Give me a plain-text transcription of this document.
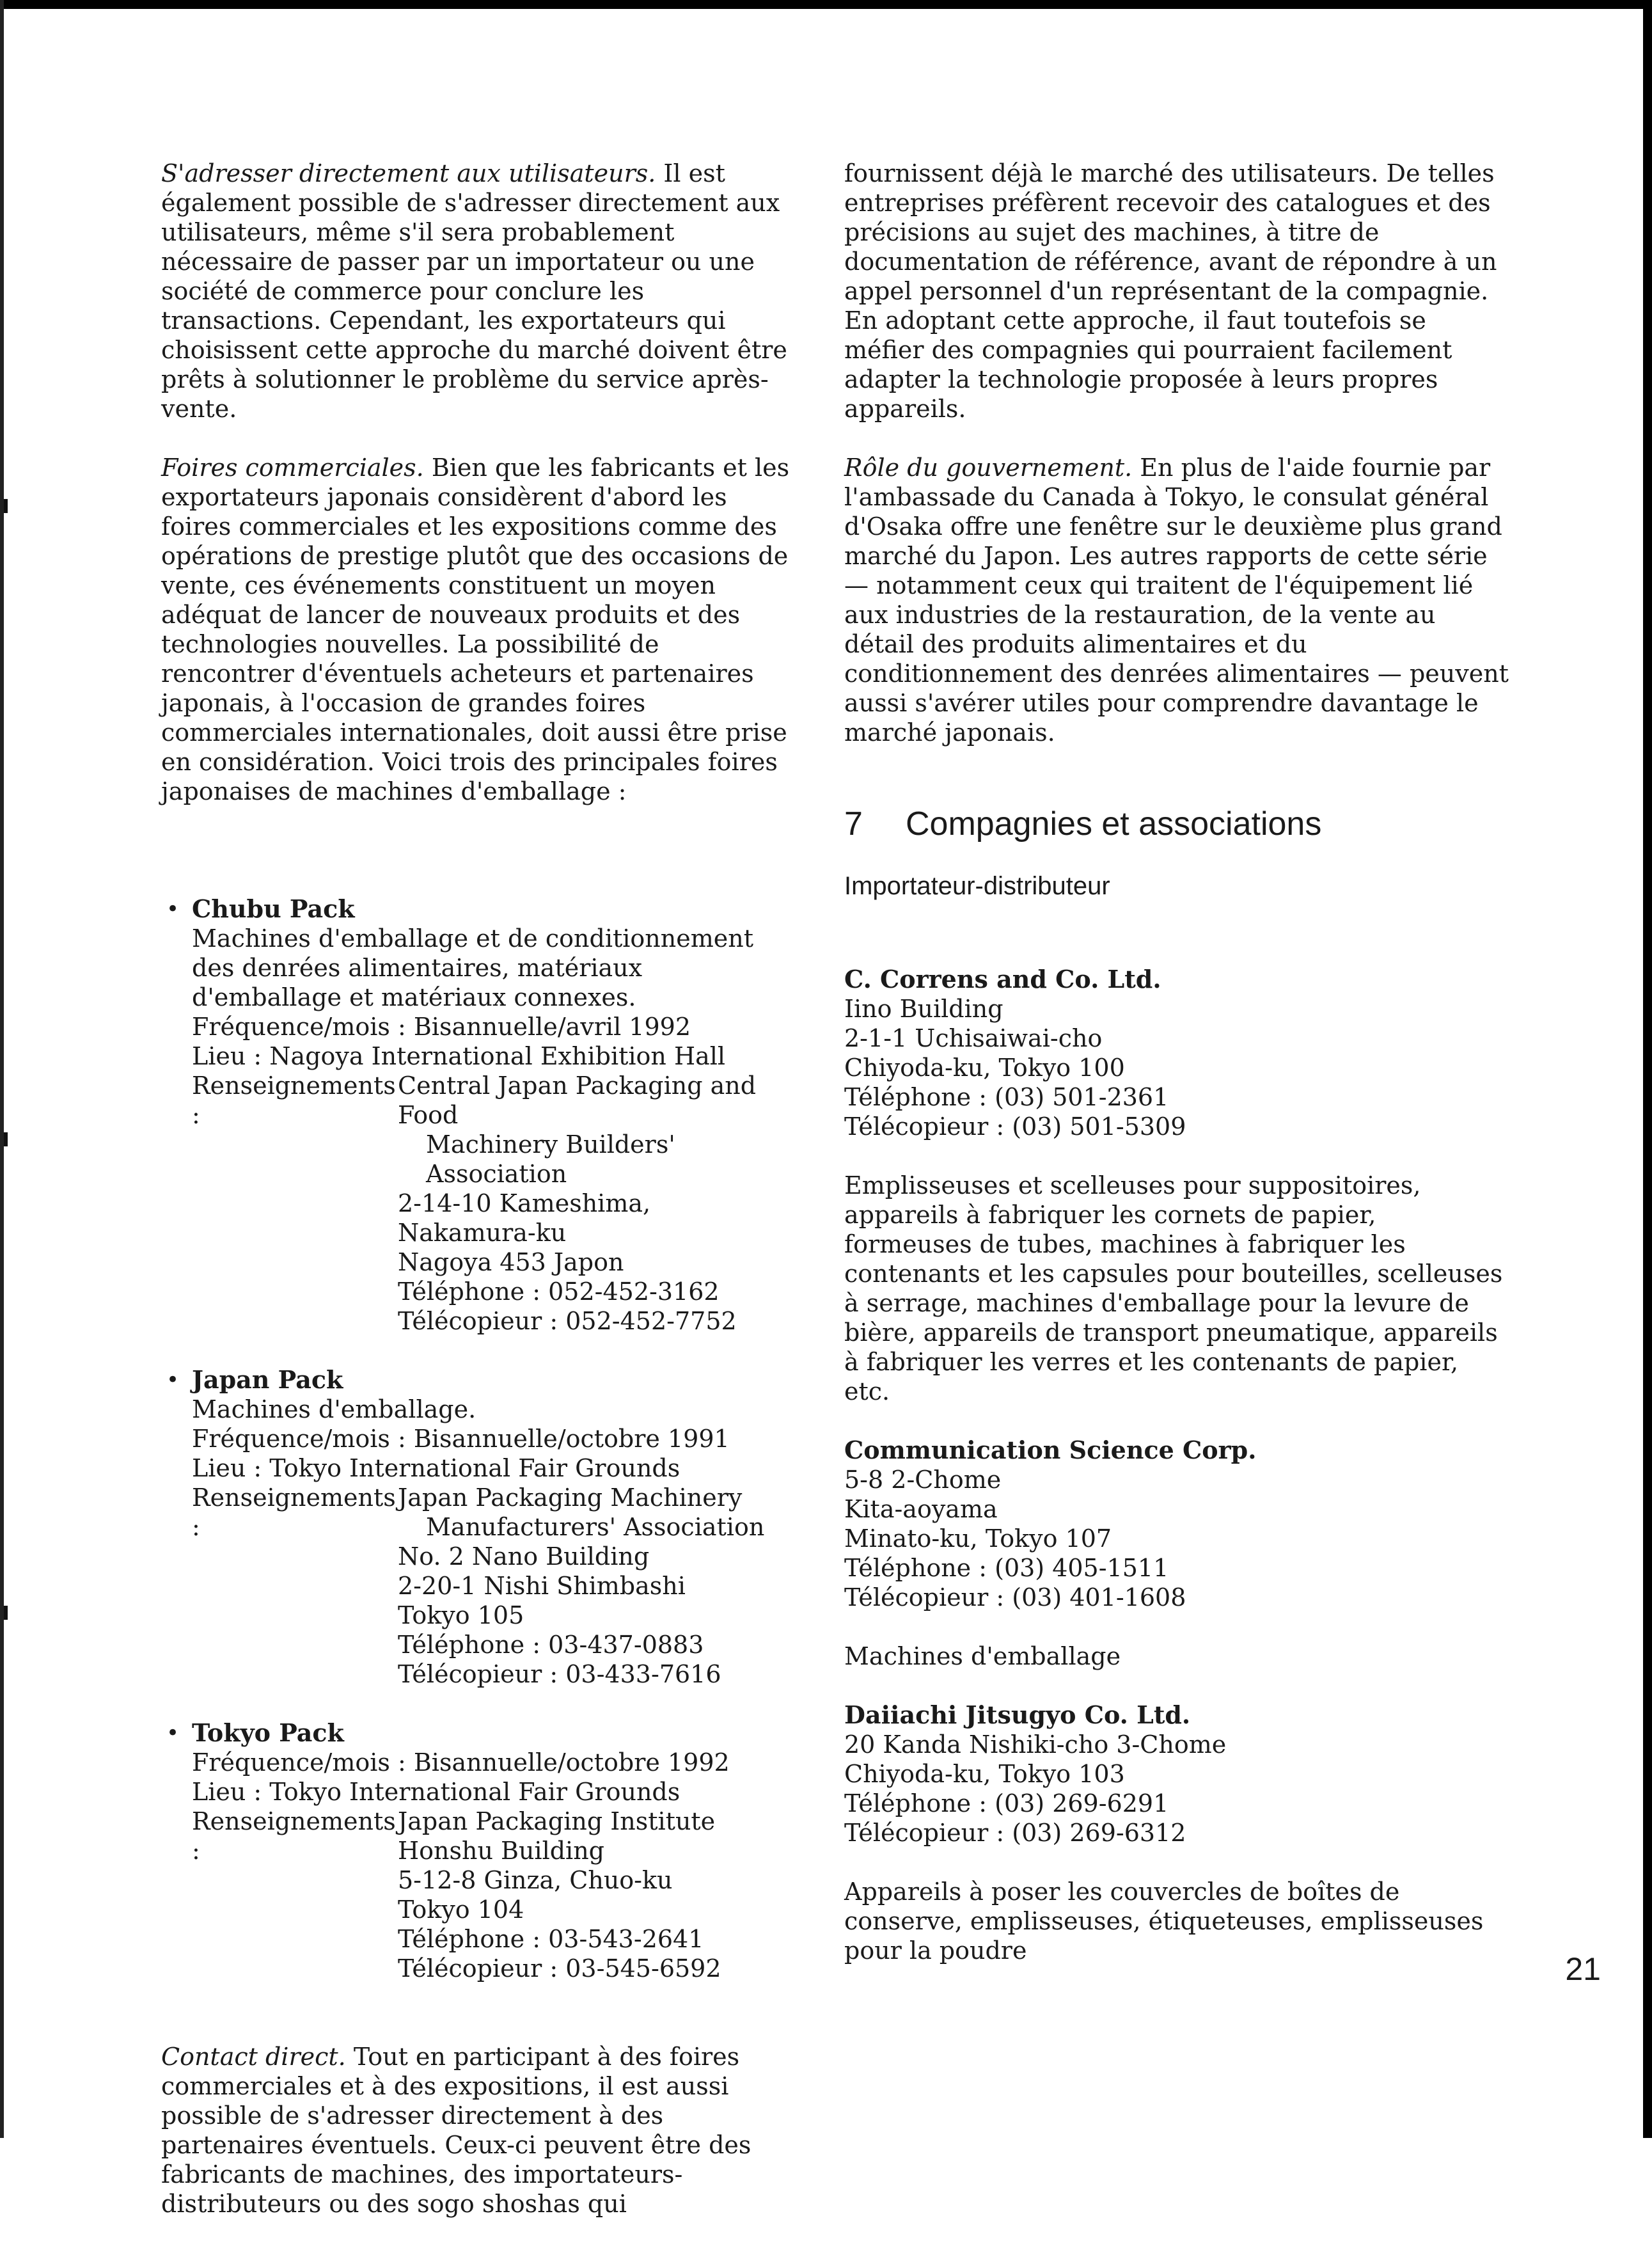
S'adresser directement aux utilisateurs. Il est également possible de s'adresser directement aux utilisateurs, même s'il sera probablement nécessaire de passer par un importateur ou une société de commerce pour conclure les transactions. Cependant, les exportateurs qui choisissent cette approche du marché doivent être prêts à solutionner le problème du service après-vente.

Foires commerciales. Bien que les fabricants et les exportateurs japonais considèrent d'abord les foires commerciales et les expositions comme des opérations de prestige plutôt que des occasions de vente, ces événements constituent un moyen adéquat de lancer de nouveaux produits et des technologies nouvelles. La possibilité de rencontrer d'éventuels acheteurs et partenaires japonais, à l'occasion de grandes foires commerciales internationales, doit aussi être prise en considération. Voici trois des principales foires japonaises de machines d'emballage :

• Chubu Pack
Machines d'emballage et de conditionnement des denrées alimentaires, matériaux d'emballage et matériaux connexes.
Fréquence/mois : Bisannuelle/avril 1992
Lieu : Nagoya International Exhibition Hall
Renseignements :
Central Japan Packaging and Food
Machinery Builders' Association
2-14-10 Kameshima, Nakamura-ku
Nagoya 453 Japon
Téléphone : 052-452-3162
Télécopieur : 052-452-7752
• Japan Pack
Machines d'emballage.
Fréquence/mois : Bisannuelle/octobre 1991
Lieu : Tokyo International Fair Grounds
Renseignements :
Japan Packaging Machinery
Manufacturers' Association
No. 2 Nano Building
2-20-1 Nishi Shimbashi
Tokyo 105
Téléphone : 03-437-0883
Télécopieur : 03-433-7616
• Tokyo Pack
Fréquence/mois : Bisannuelle/octobre 1992
Lieu : Tokyo International Fair Grounds
Renseignements :
Japan Packaging Institute
Honshu Building
5-12-8 Ginza, Chuo-ku
Tokyo 104
Téléphone : 03-543-2641
Télécopieur : 03-545-6592

Contact direct. Tout en participant à des foires commerciales et à des expositions, il est aussi possible de s'adresser directement à des partenaires éventuels. Ceux-ci peuvent être des fabricants de machines, des importateurs-distributeurs ou des sogo shoshas qui

fournissent déjà le marché des utilisateurs. De telles entreprises préfèrent recevoir des catalogues et des précisions au sujet des machines, à titre de documentation de référence, avant de répondre à un appel personnel d'un représentant de la compagnie. En adoptant cette approche, il faut toutefois se méfier des compagnies qui pourraient facilement adapter la technologie proposée à leurs propres appareils.

Rôle du gouvernement. En plus de l'aide fournie par l'ambassade du Canada à Tokyo, le consulat général d'Osaka offre une fenêtre sur le deuxième plus grand marché du Japon. Les autres rapports de cette série — notamment ceux qui traitent de l'équipement lié aux industries de la restauration, de la vente au détail des produits alimentaires et du conditionnement des denrées alimentaires — peuvent aussi s'avérer utiles pour comprendre davantage le marché japonais.

7	Compagnies et associations
Importateur-distributeur
C. Correns and Co. Ltd.
Iino Building
2-1-1 Uchisaiwai-cho
Chiyoda-ku, Tokyo 100
Téléphone : (03) 501-2361
Télécopieur : (03) 501-5309

Emplisseuses et scelleuses pour suppositoires, appareils à fabriquer les cornets de papier, formeuses de tubes, machines à fabriquer les contenants et les capsules pour bouteilles, scelleuses à serrage, machines d'emballage pour la levure de bière, appareils de transport pneumatique, appareils à fabriquer les verres et les contenants de papier, etc.

Communication Science Corp.
5-8 2-Chome
Kita-aoyama
Minato-ku, Tokyo 107
Téléphone : (03) 405-1511
Télécopieur : (03) 401-1608

Machines d'emballage

Daiiachi Jitsugyo Co. Ltd.
20 Kanda Nishiki-cho 3-Chome
Chiyoda-ku, Tokyo 103
Téléphone : (03) 269-6291
Télécopieur : (03) 269-6312

Appareils à poser les couvercles de boîtes de conserve, emplisseuses, étiqueteuses, emplisseuses pour la poudre

21
